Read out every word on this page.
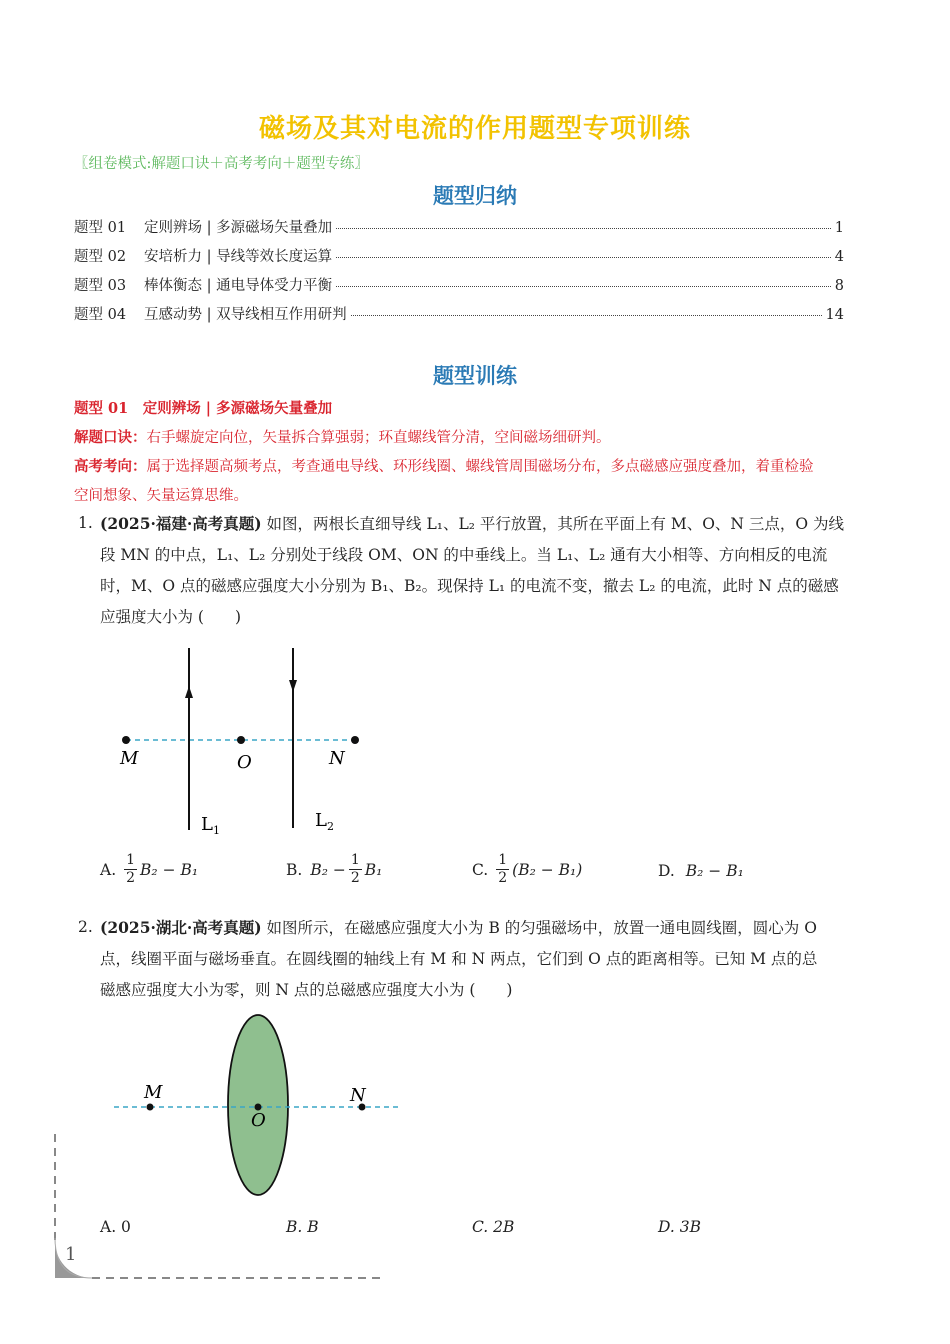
磁场及其对电流的作用题型专项训练
〖组卷模式:解题口诀＋高考考向＋题型专练〗
题型归纳
题型 01	定则辨场 | 多源磁场矢量叠加	1
题型 02	安培析力 | 导线等效长度运算	4
题型 03	棒体衡态 | 通电导体受力平衡	8
题型 04	互感动势 | 双导线相互作用研判	14
题型训练
题型 01　定则辨场 | 多源磁场矢量叠加
解题口诀：右手螺旋定向位，矢量拆合算强弱；环直螺线管分清，空间磁场细研判。
高考考向：属于选择题高频考点，考查通电导线、环形线圈、螺线管周围磁场分布，多点磁感应强度叠加，着重检验
空间想象、矢量运算思维。
1. (2025·福建·高考真题) 如图，两根长直细导线 L₁、L₂ 平行放置，其所在平面上有 M、O、N 三点，O 为线
段 MN 的中点，L₁、L₂ 分别处于线段 OM、ON 的中垂线上。当 L₁、L₂ 通有大小相等、方向相反的电流
时，M、O 点的磁感应强度大小分别为 B₁、B₂。现保持 L₁ 的电流不变，撤去 L₂ 的电流，此时 N 点的磁感
应强度大小为 (　　)
M	O	N
$L_1$	$L_2$
A.
1
2 B₂ − B₁	B. $B_2 - \frac{1}{2} B_1$	C.
1
2 (B₂ − B₁)	D. B₂ − B₁
2. (2025·湖北·高考真题) 如图所示，在磁感应强度大小为 B 的匀强磁场中，放置一通电圆线圈，圆心为 O
点，线圈平面与磁场垂直。在圆线圈的轴线上有 M 和 N 两点，它们到 O 点的距离相等。已知 M 点的总
磁感应强度大小为零，则 N 点的总磁感应强度大小为 (　　)
M
O
N
A. 0	B. B	C. 2B	D. 3B
1
